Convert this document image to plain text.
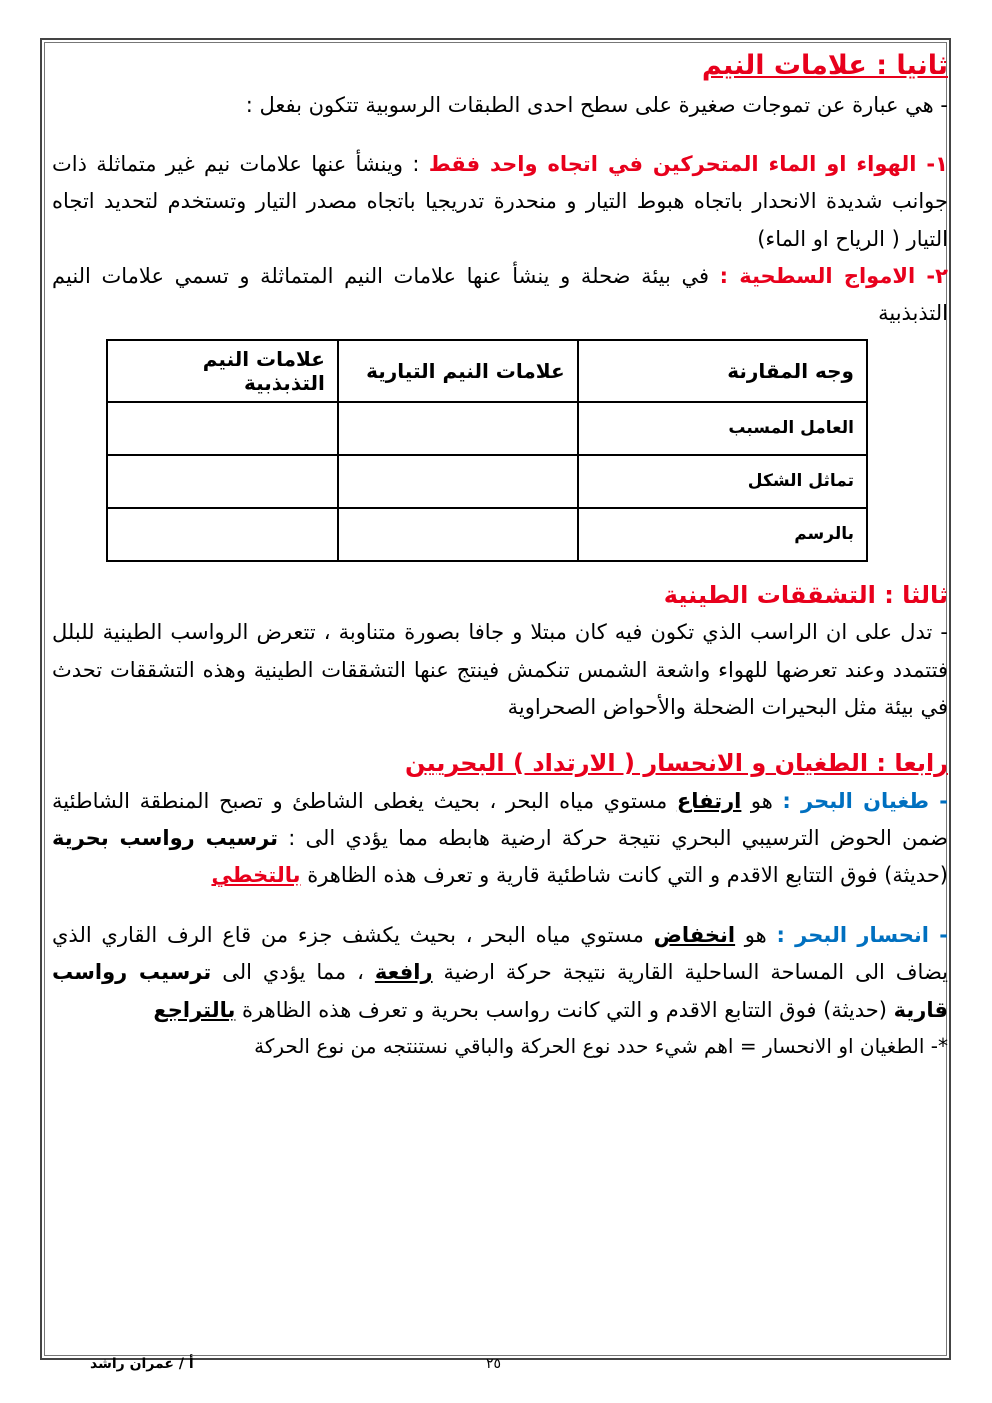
ثانيا : علامات النيم

- هي عبارة عن تموجات صغيرة على سطح احدى الطبقات الرسوبية تتكون بفعل :

١- الهواء او الماء المتحركين في اتجاه واحد فقط : وينشأ عنها علامات نيم غير متماثلة ذات جوانب شديدة الانحدار باتجاه هبوط التيار و منحدرة تدريجيا باتجاه مصدر التيار وتستخدم لتحديد اتجاه التيار ( الرياح او الماء)

٢- الامواج السطحية : في بيئة ضحلة و ينشأ عنها علامات النيم المتماثلة و تسمي علامات النيم التذبذبية

وجه المقارنة	علامات النيم التيارية	علامات النيم التذبذبية
العامل المسبب		
تماثل الشكل		
بالرسم		

ثالثا : التشققات الطينية

- تدل على ان الراسب الذي تكون فيه كان مبتلا و جافا بصورة متناوبة ، تتعرض الرواسب الطينية للبلل فتتمدد وعند تعرضها للهواء واشعة الشمس تنكمش فينتج عنها التشققات الطينية وهذه التشققات تحدث في بيئة مثل البحيرات الضحلة والأحواض الصحراوية

رابعا : الطغيان و الانحسار ( الارتداد ) البحريين

- طغيان البحر : هو ارتفاع مستوي مياه البحر ، بحيث يغطى الشاطئ و تصبح المنطقة الشاطئية ضمن الحوض الترسيبي البحري نتيجة حركة ارضية هابطه مما يؤدي الى : ترسيب رواسب بحرية (حديثة) فوق التتابع الاقدم و التي كانت شاطئية قارية و تعرف هذه الظاهرة بالتخطي

- انحسار البحر : هو انخفاض مستوي مياه البحر ، بحيث يكشف جزء من قاع الرف القاري الذي يضاف الى المساحة الساحلية القارية نتيجة حركة ارضية رافعة ، مما يؤدي الى ترسيب رواسب قارية (حديثة) فوق التتابع الاقدم و التي كانت رواسب بحرية و تعرف هذه الظاهرة بالتراجع

*- الطغيان او الانحسار = اهم شيء حدد نوع الحركة والباقي نستنتجه من نوع الحركة

٢٥
أ / عمران راشد
